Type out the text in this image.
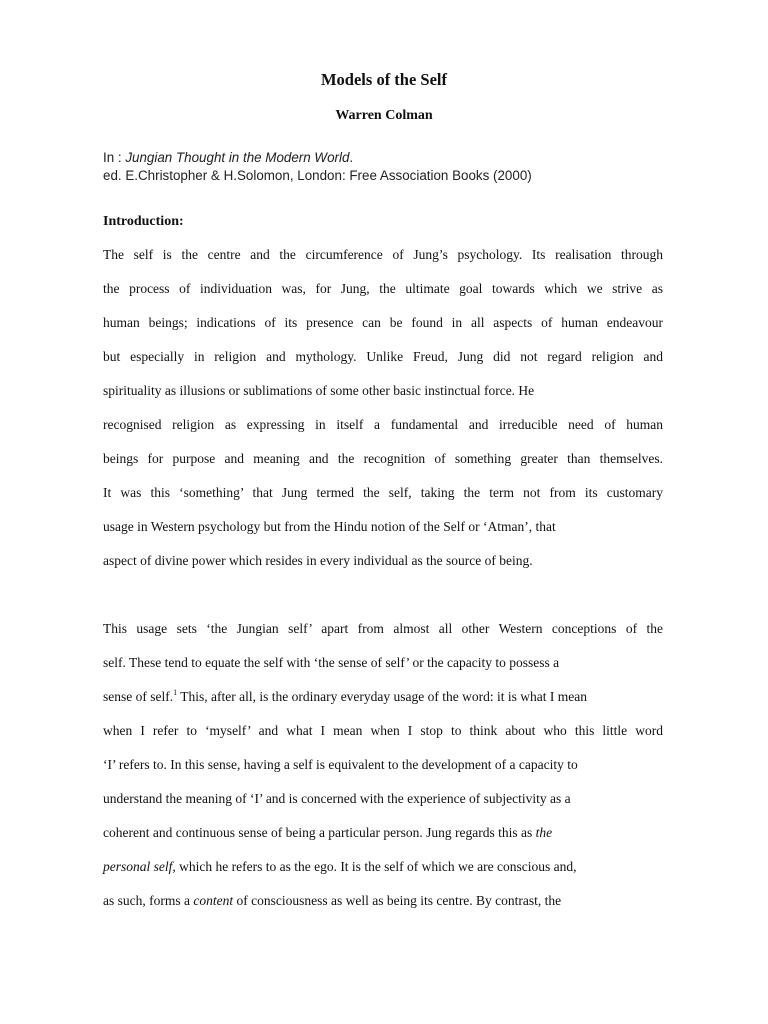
Models of the Self
Warren Colman
In : Jungian Thought in the Modern World.
ed. E.Christopher & H.Solomon, London: Free Association Books (2000)
Introduction:
The self is the centre and the circumference of Jung’s psychology. Its realisation through
the process of individuation was, for Jung, the ultimate goal towards which we strive as
human beings; indications of its presence can be found in all aspects of human endeavour
but especially in religion and mythology. Unlike Freud, Jung did not regard religion and
spirituality as illusions or sublimations of some other basic instinctual force. He
recognised religion as expressing in itself a fundamental and irreducible need of human
beings for purpose and meaning and the recognition of something greater than themselves.
It was this ‘something’ that Jung termed the self, taking the term not from its customary
usage in Western psychology but from the Hindu notion of the Self or ‘Atman’, that
aspect of divine power which resides in every individual as the source of being.
This usage sets ‘the Jungian self’ apart from almost all other Western conceptions of the
self. These tend to equate the self with ‘the sense of self’ or the capacity to possess a
sense of self.$^1$ This, after all, is the ordinary everyday usage of the word: it is what I mean
when I refer to ‘myself’ and what I mean when I stop to think about who this little word
‘I’ refers to. In this sense, having a self is equivalent to the development of a capacity to
understand the meaning of ‘I’ and is concerned with the experience of subjectivity as a
coherent and continuous sense of being a particular person. Jung regards this as the
personal self, which he refers to as the ego. It is the self of which we are conscious and,
as such, forms a content of consciousness as well as being its centre. By contrast, the
